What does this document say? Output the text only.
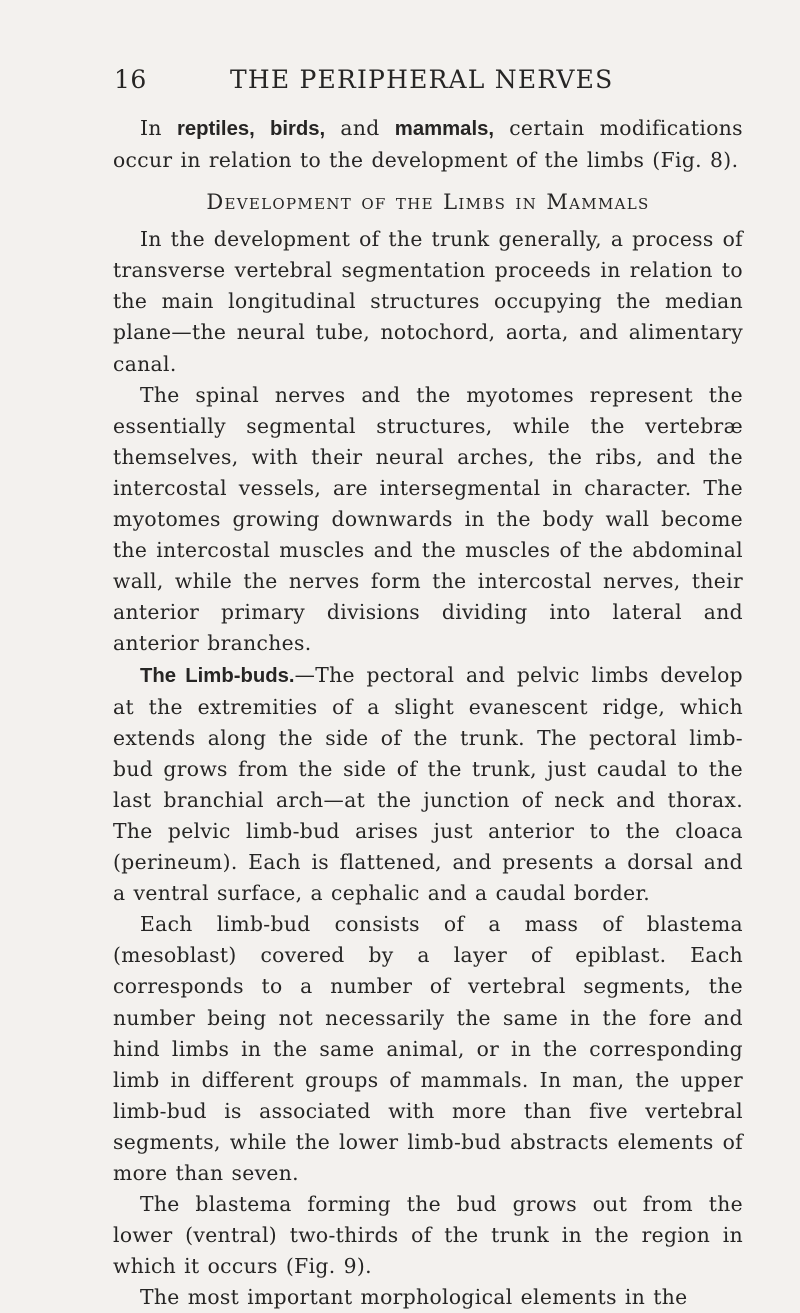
16	THE PERIPHERAL NERVES

In reptiles, birds, and mammals, certain modifications occur in relation to the development of the limbs (Fig. 8).

Development of the Limbs in Mammals

In the development of the trunk generally, a process of transverse vertebral segmentation proceeds in relation to the main longitudinal structures occupying the median plane—the neural tube, notochord, aorta, and alimentary canal.

The spinal nerves and the myotomes represent the essentially segmental structures, while the vertebræ themselves, with their neural arches, the ribs, and the intercostal vessels, are intersegmental in character. The myotomes growing downwards in the body wall become the intercostal muscles and the muscles of the abdominal wall, while the nerves form the intercostal nerves, their anterior primary divisions dividing into lateral and anterior branches.

The Limb-buds.—The pectoral and pelvic limbs develop at the extremities of a slight evanescent ridge, which extends along the side of the trunk. The pectoral limb-bud grows from the side of the trunk, just caudal to the last branchial arch—at the junction of neck and thorax. The pelvic limb-bud arises just anterior to the cloaca (perineum). Each is flattened, and presents a dorsal and a ventral surface, a cephalic and a caudal border.

Each limb-bud consists of a mass of blastema (mesoblast) covered by a layer of epiblast. Each corresponds to a number of vertebral segments, the number being not necessarily the same in the fore and hind limbs in the same animal, or in the corresponding limb in different groups of mammals. In man, the upper limb-bud is associated with more than five vertebral segments, while the lower limb-bud abstracts elements of more than seven.

The blastema forming the bud grows out from the lower (ventral) two-thirds of the trunk in the region in which it occurs (Fig. 9).

The most important morphological elements in the
